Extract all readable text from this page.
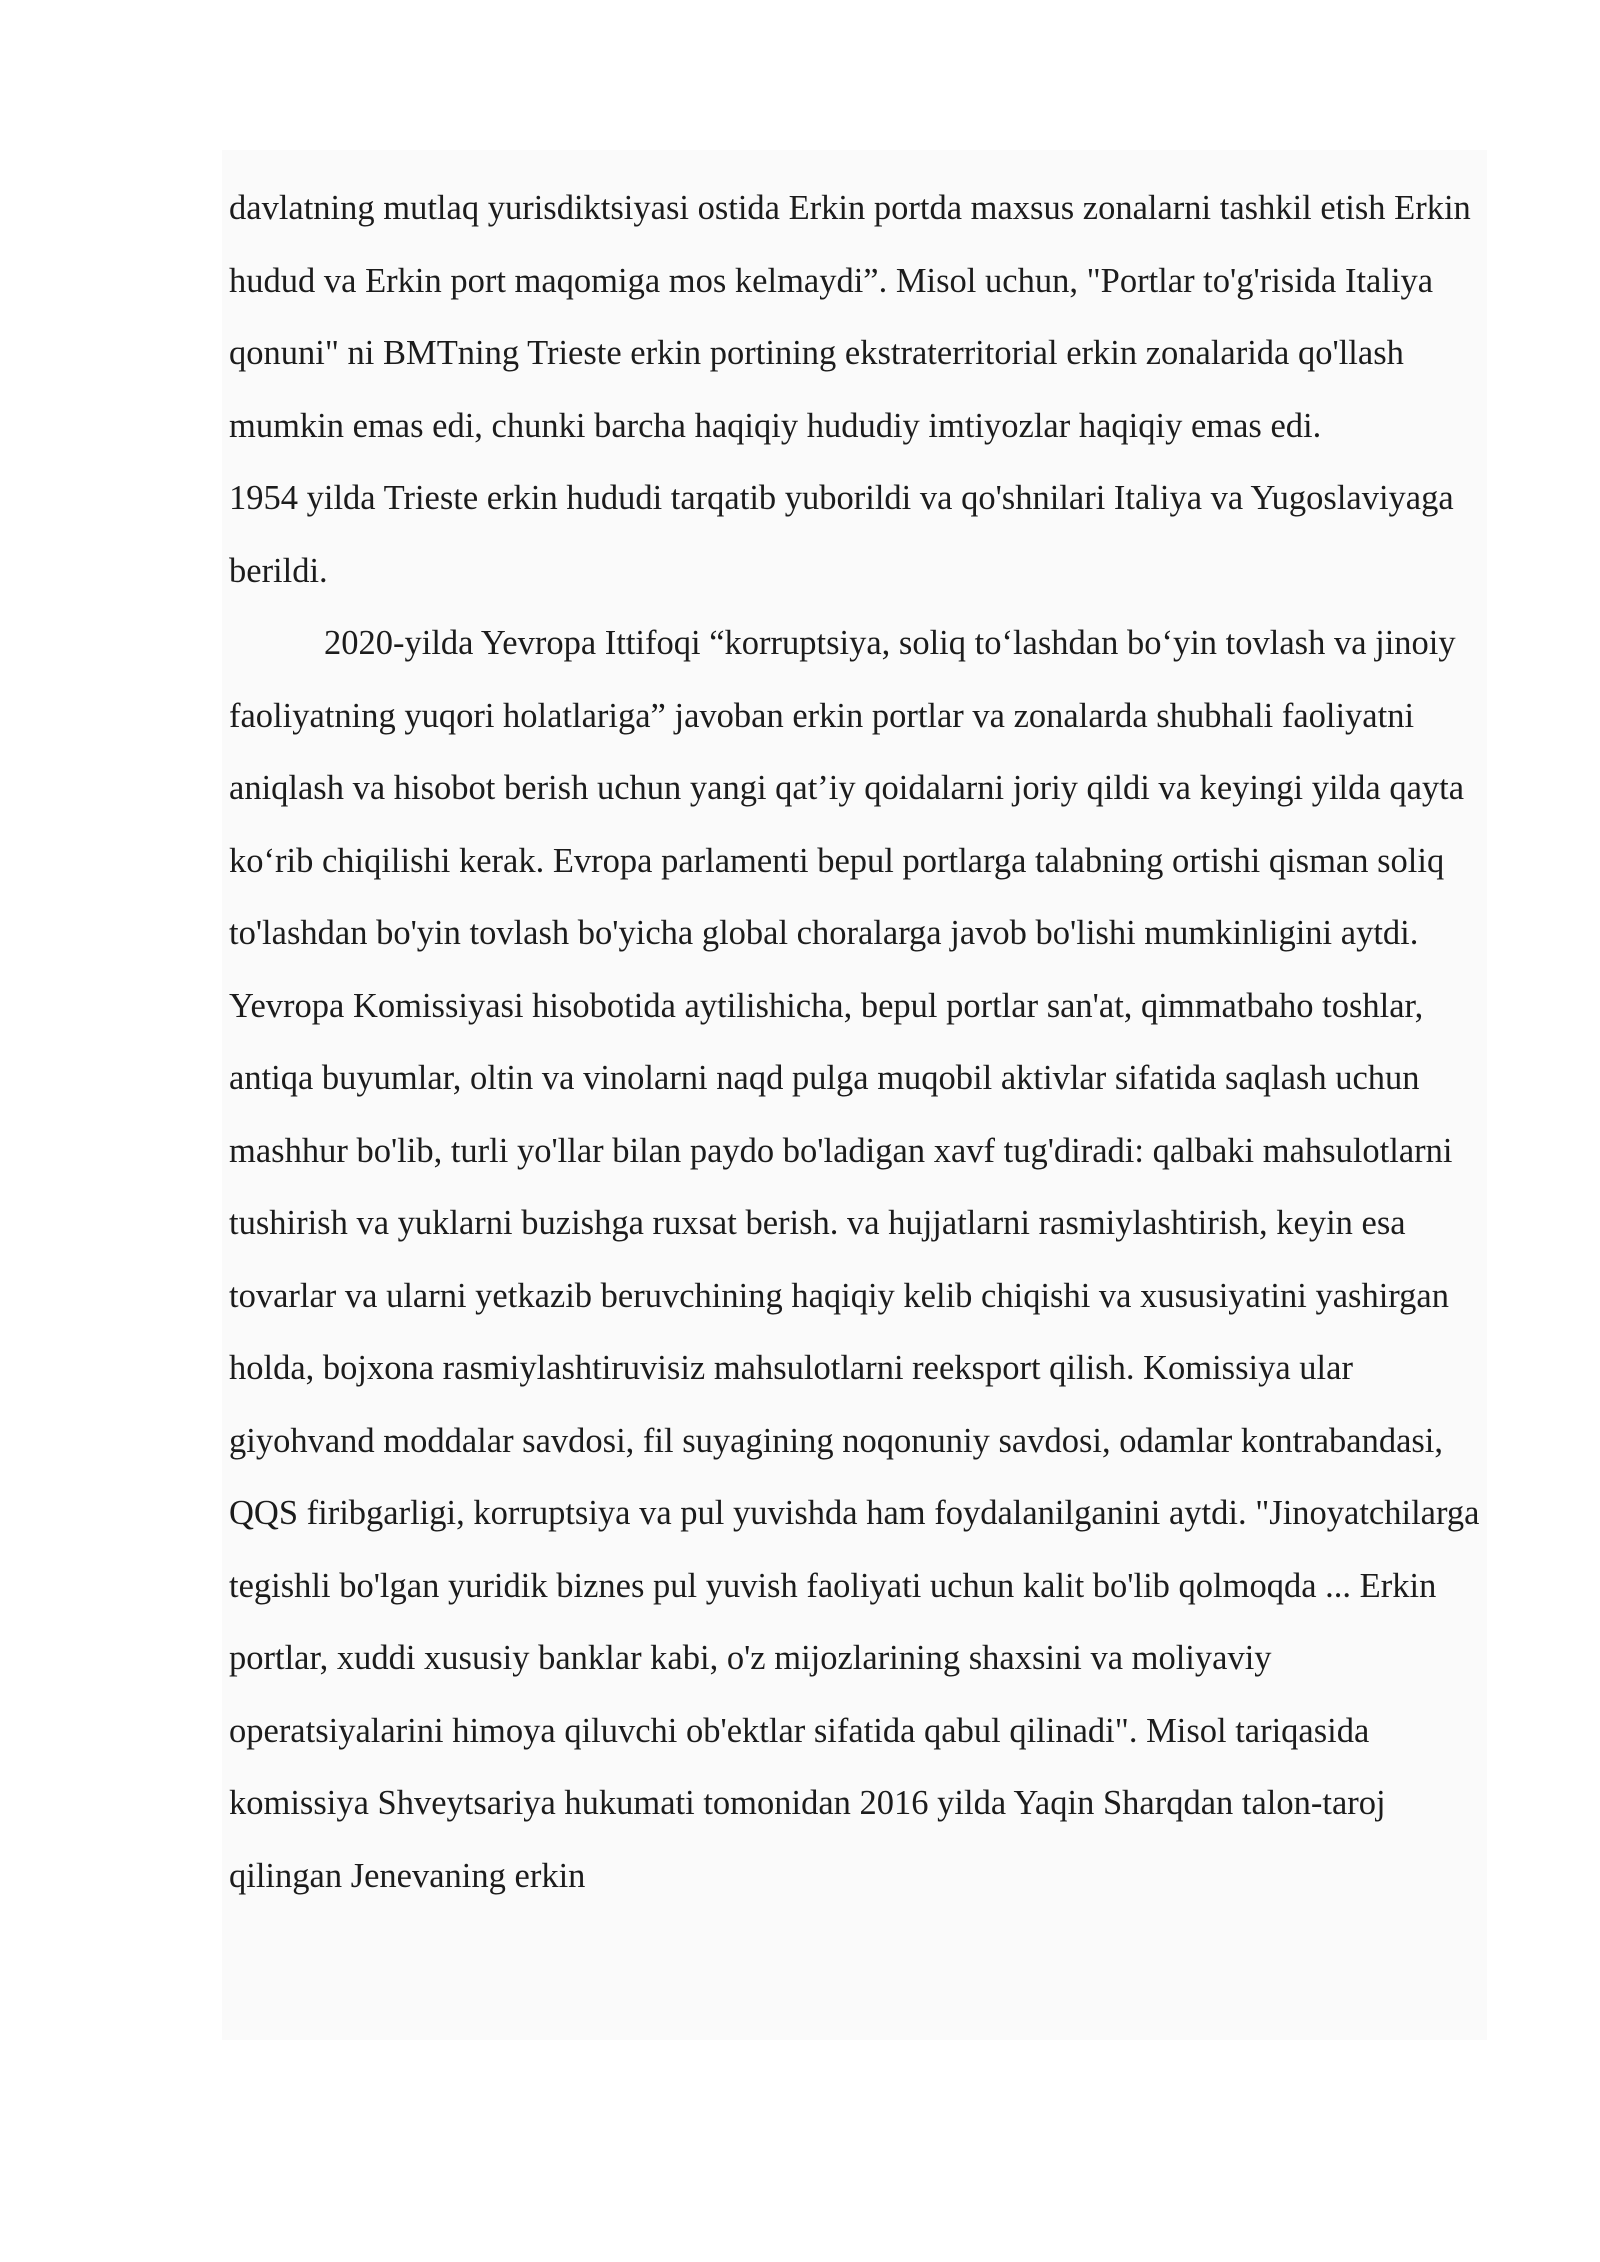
davlatning mutlaq yurisdiktsiyasi ostida Erkin portda maxsus zonalarni tashkil etish Erkin hudud va Erkin port maqomiga mos kelmaydi”. Misol uchun, "Portlar to'g'risida Italiya qonuni" ni BMTning Trieste erkin portining ekstraterritorial erkin zonalarida qo'llash mumkin emas edi, chunki barcha haqiqiy hududiy imtiyozlar haqiqiy emas edi.

1954 yilda Trieste erkin hududi tarqatib yuborildi va qo'shnilari Italiya va Yugoslaviyaga berildi.

2020-yilda Yevropa Ittifoqi “korruptsiya, soliq to‘lashdan bo‘yin tovlash va jinoiy faoliyatning yuqori holatlariga” javoban erkin portlar va zonalarda shubhali faoliyatni aniqlash va hisobot berish uchun yangi qat’iy qoidalarni joriy qildi va keyingi yilda qayta ko‘rib chiqilishi kerak. Evropa parlamenti bepul portlarga talabning ortishi qisman soliq to'lashdan bo'yin tovlash bo'yicha global choralarga javob bo'lishi mumkinligini aytdi. Yevropa Komissiyasi hisobotida aytilishicha, bepul portlar san'at, qimmatbaho toshlar, antiqa buyumlar, oltin va vinolarni naqd pulga muqobil aktivlar sifatida saqlash uchun mashhur bo'lib, turli yo'llar bilan paydo bo'ladigan xavf tug'diradi: qalbaki mahsulotlarni tushirish va yuklarni buzishga ruxsat berish. va hujjatlarni rasmiylashtirish, keyin esa tovarlar va ularni yetkazib beruvchining haqiqiy kelib chiqishi va xususiyatini yashirgan holda, bojxona rasmiylashtiruvisiz mahsulotlarni reeksport qilish. Komissiya ular giyohvand moddalar savdosi, fil suyagining noqonuniy savdosi, odamlar kontrabandasi, QQS firibgarligi, korruptsiya va pul yuvishda ham foydalanilganini aytdi. "Jinoyatchilarga tegishli bo'lgan yuridik biznes pul yuvish faoliyati uchun kalit bo'lib qolmoqda ... Erkin portlar, xuddi xususiy banklar kabi, o'z mijozlarining shaxsini va moliyaviy operatsiyalarini himoya qiluvchi ob'ektlar sifatida qabul qilinadi". Misol tariqasida komissiya Shveytsariya hukumati tomonidan 2016 yilda Yaqin Sharqdan talon-taroj qilingan Jenevaning erkin
